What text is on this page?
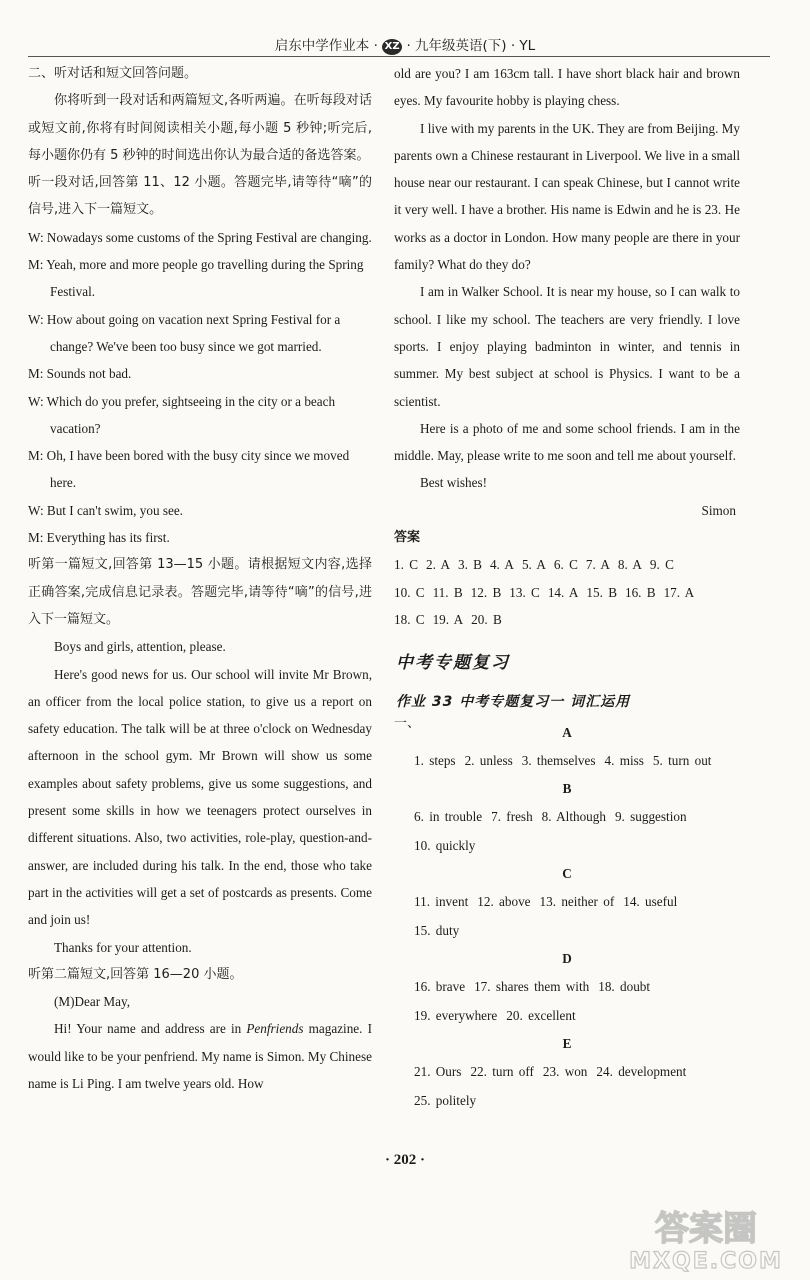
启东中学作业本 · XZ · 九年级英语(下) · YL

二、听对话和短文回答问题。

你将听到一段对话和两篇短文,各听两遍。在听每段对话或短文前,你将有时间阅读相关小题,每小题 5 秒钟;听完后,每小题你仍有 5 秒钟的时间选出你认为最合适的备选答案。

听一段对话,回答第 11、12 小题。答题完毕,请等待“嘀”的信号,进入下一篇短文。

W: Nowadays some customs of the Spring Festival are changing.

M: Yeah, more and more people go travelling during the Spring Festival.

W: How about going on vacation next Spring Festival for a change? We've been too busy since we got married.

M: Sounds not bad.

W: Which do you prefer, sightseeing in the city or a beach vacation?

M: Oh, I have been bored with the busy city since we moved here.

W: But I can't swim, you see.

M: Everything has its first.

听第一篇短文,回答第 13—15 小题。请根据短文内容,选择正确答案,完成信息记录表。答题完毕,请等待“嘀”的信号,进入下一篇短文。

Boys and girls, attention, please.

Here's good news for us. Our school will invite Mr Brown, an officer from the local police station, to give us a report on safety education. The talk will be at three o'clock on Wednesday afternoon in the school gym. Mr Brown will show us some examples about safety problems, give us some suggestions, and present some skills in how we teenagers protect ourselves in different situations. Also, two activities, role-play, question-and-answer, are included during his talk. In the end, those who take part in the activities will get a set of postcards as presents. Come and join us!

Thanks for your attention.

听第二篇短文,回答第 16—20 小题。

(M)Dear May,

Hi! Your name and address are in Penfriends magazine. I would like to be your penfriend. My name is Simon. My Chinese name is Li Ping. I am twelve years old. How

old are you? I am 163cm tall. I have short black hair and brown eyes. My favourite hobby is playing chess.

I live with my parents in the UK. They are from Beijing. My parents own a Chinese restaurant in Liverpool. We live in a small house near our restaurant. I can speak Chinese, but I cannot write it very well. I have a brother. His name is Edwin and he is 23. He works as a doctor in London. How many people are there in your family? What do they do?

I am in Walker School. It is near my house, so I can walk to school. I like my school. The teachers are very friendly. I love sports. I enjoy playing badminton in winter, and tennis in summer. My best subject at school is Physics. I want to be a scientist.

Here is a photo of me and some school friends. I am in the middle. May, please write to me soon and tell me about yourself.

Best wishes!

Simon

答案

1. C 2. A 3. B 4. A 5. A 6. C 7. A 8. A 9. C

10. C 11. B 12. B 13. C 14. A 15. B 16. B 17. A

18. C 19. A 20. B

中考专题复习
作业 33 中考专题复习一 词汇运用

一、

A

1. steps 2. unless 3. themselves 4. miss 5. turn out

B

6. in trouble 7. fresh 8. Although 9. suggestion

10. quickly

C

11. invent 12. above 13. neither of 14. useful

15. duty

D

16. brave 17. shares them with 18. doubt

19. everywhere 20. excellent

E

21. Ours 22. turn off 23. won 24. development

25. politely

· 202 ·
答案圈
MXQE.COM
